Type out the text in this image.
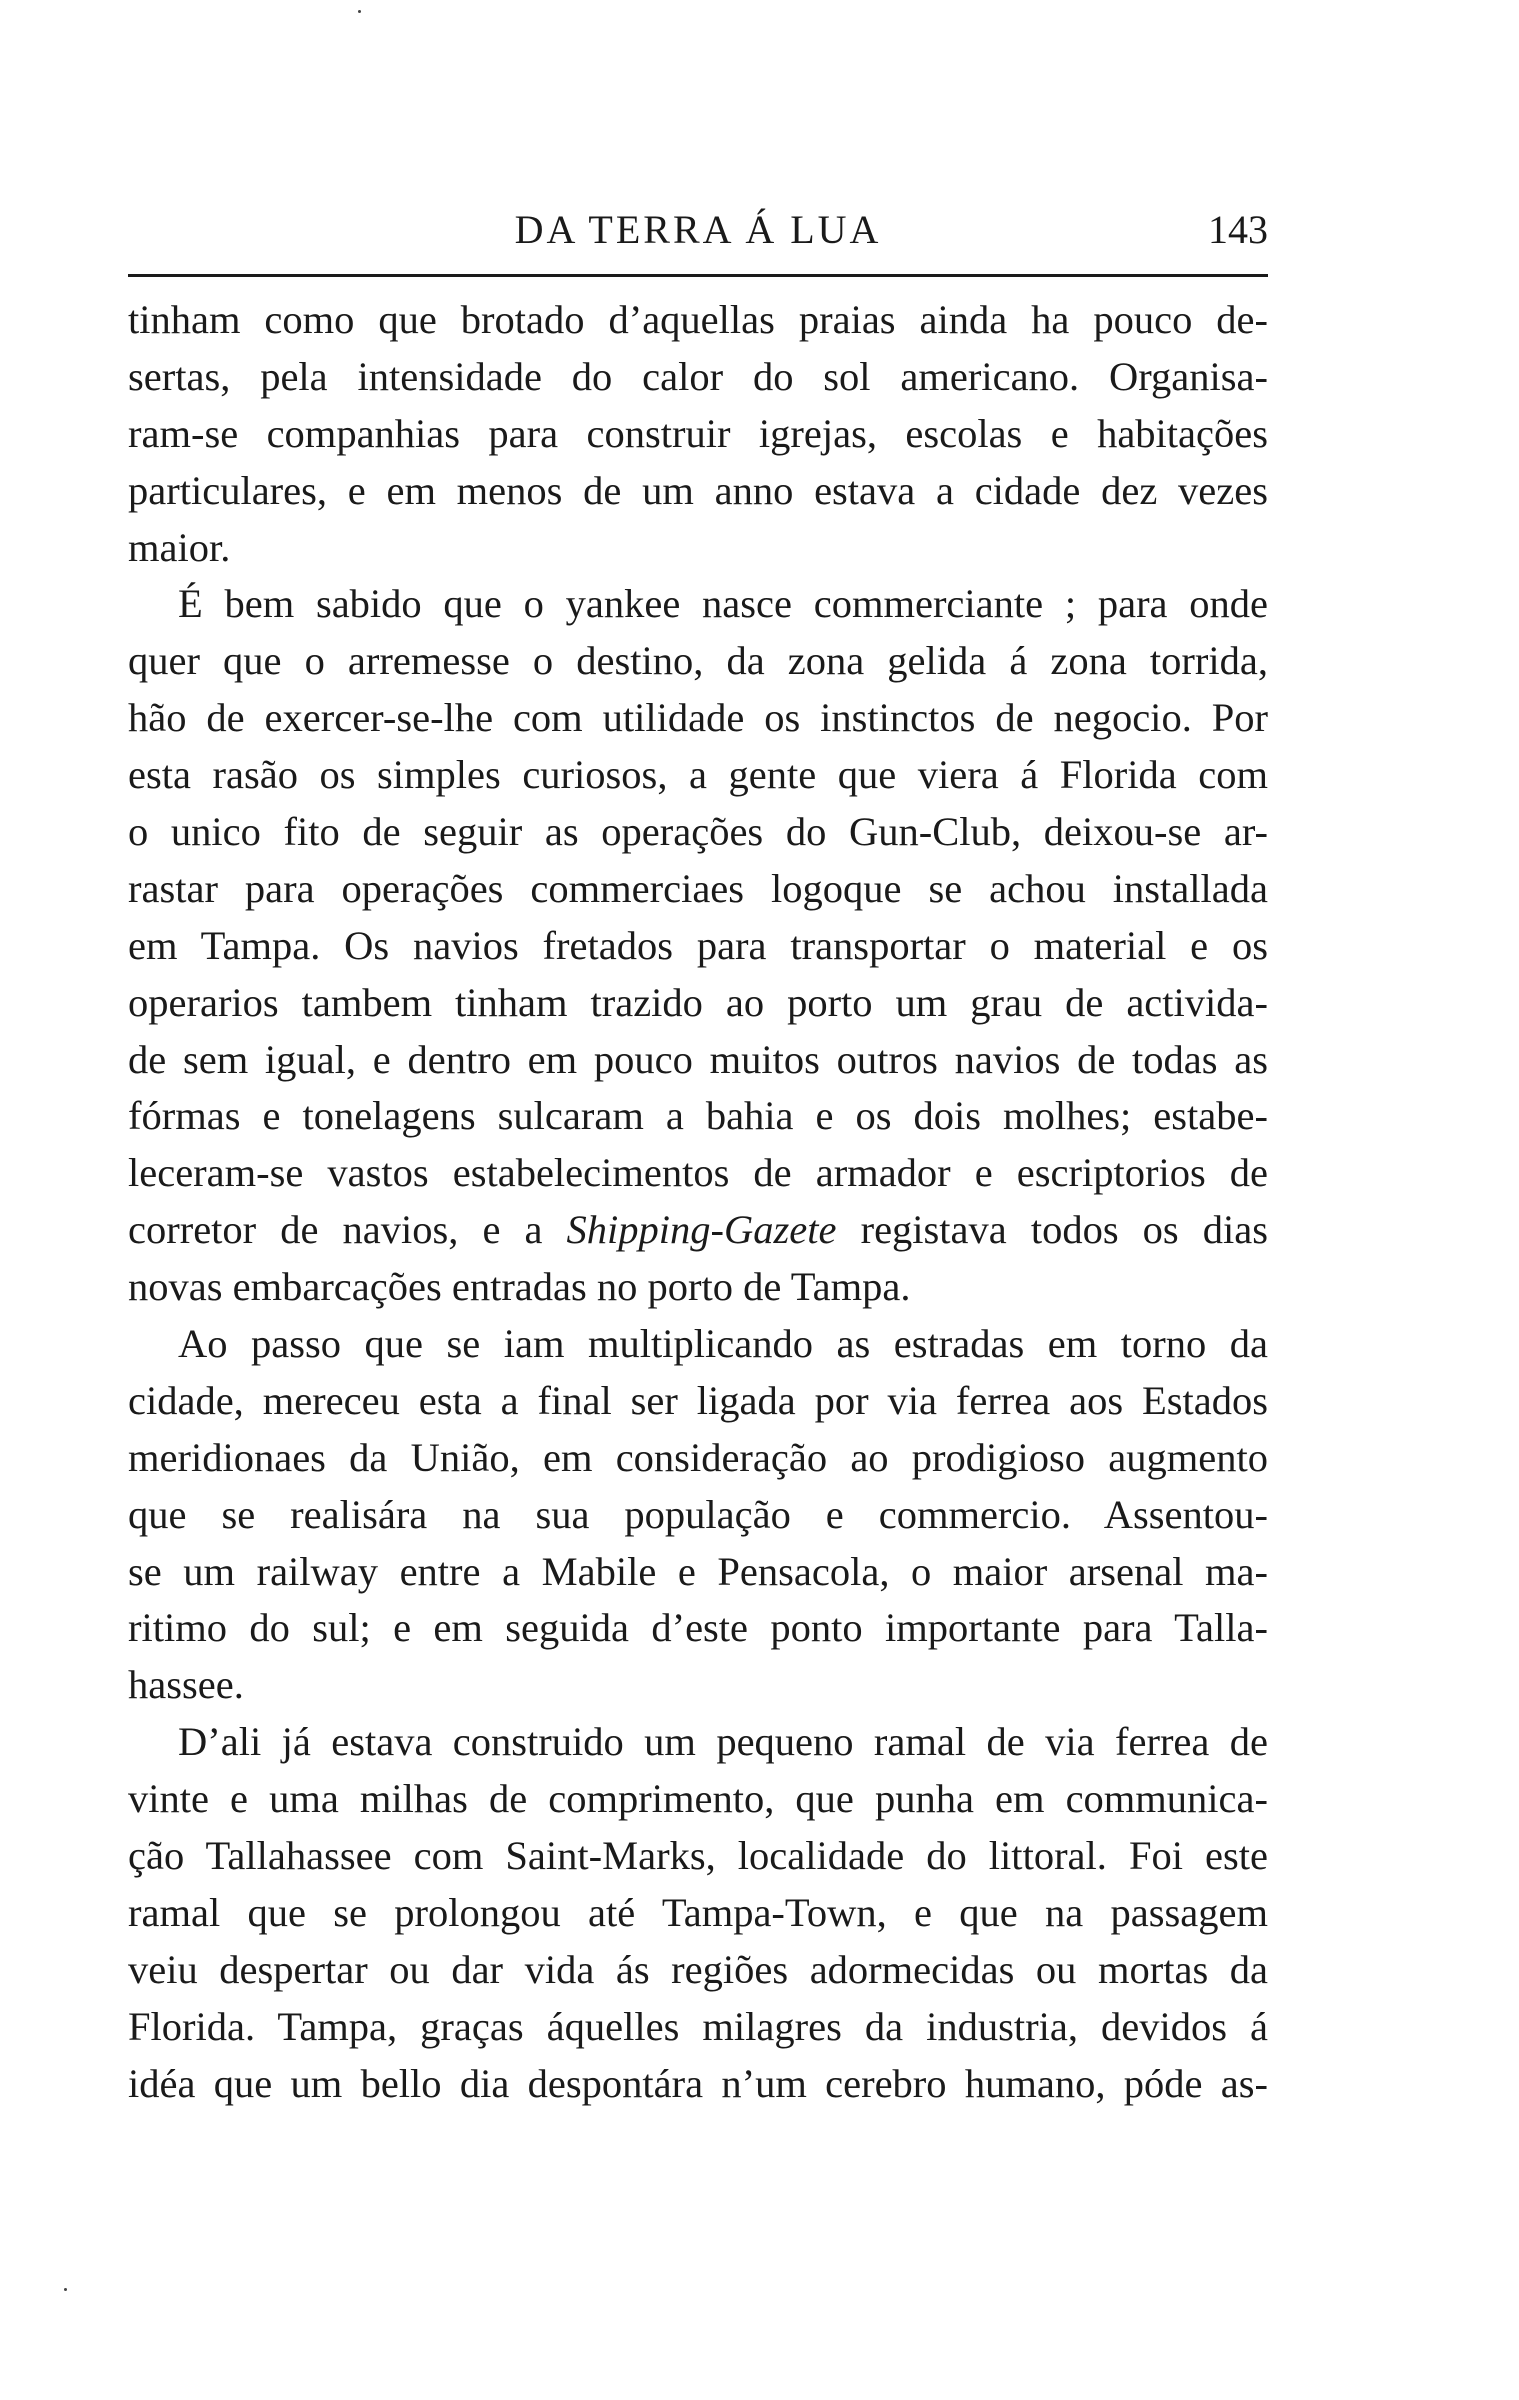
DA TERRA Á LUA	143
tinham como que brotado d’aquellas praias ainda ha pouco de-
sertas, pela intensidade do calor do sol americano. Organisa-
ram-se companhias para construir igrejas, escolas e habitações
particulares, e em menos de um anno estava a cidade dez vezes
maior.
É bem sabido que o yankee nasce commerciante ; para onde
quer que o arremesse o destino, da zona gelida á zona torrida,
hão de exercer-se-lhe com utilidade os instinctos de negocio. Por
esta rasão os simples curiosos, a gente que viera á Florida com
o unico fito de seguir as operações do Gun-Club, deixou-se ar-
rastar para operações commerciaes logoque se achou installada
em Tampa. Os navios fretados para transportar o material e os
operarios tambem tinham trazido ao porto um grau de activida-
de sem igual, e dentro em pouco muitos outros navios de todas as
fórmas e tonelagens sulcaram a bahia e os dois molhes; estabe-
leceram-se vastos estabelecimentos de armador e escriptorios de
corretor de navios, e a Shipping-Gazete registava todos os dias
novas embarcações entradas no porto de Tampa.
Ao passo que se iam multiplicando as estradas em torno da
cidade, mereceu esta a final ser ligada por via ferrea aos Estados
meridionaes da União, em consideração ao prodigioso augmento
que se realisára na sua população e commercio. Assentou-
se um railway entre a Mabile e Pensacola, o maior arsenal ma-
ritimo do sul; e em seguida d’este ponto importante para Talla-
hassee.
D’ali já estava construido um pequeno ramal de via ferrea de
vinte e uma milhas de comprimento, que punha em communica-
ção Tallahassee com Saint-Marks, localidade do littoral. Foi este
ramal que se prolongou até Tampa-Town, e que na passagem
veiu despertar ou dar vida ás regiões adormecidas ou mortas da
Florida. Tampa, graças áquelles milagres da industria, devidos á
idéa que um bello dia despontára n’um cerebro humano, póde as-
